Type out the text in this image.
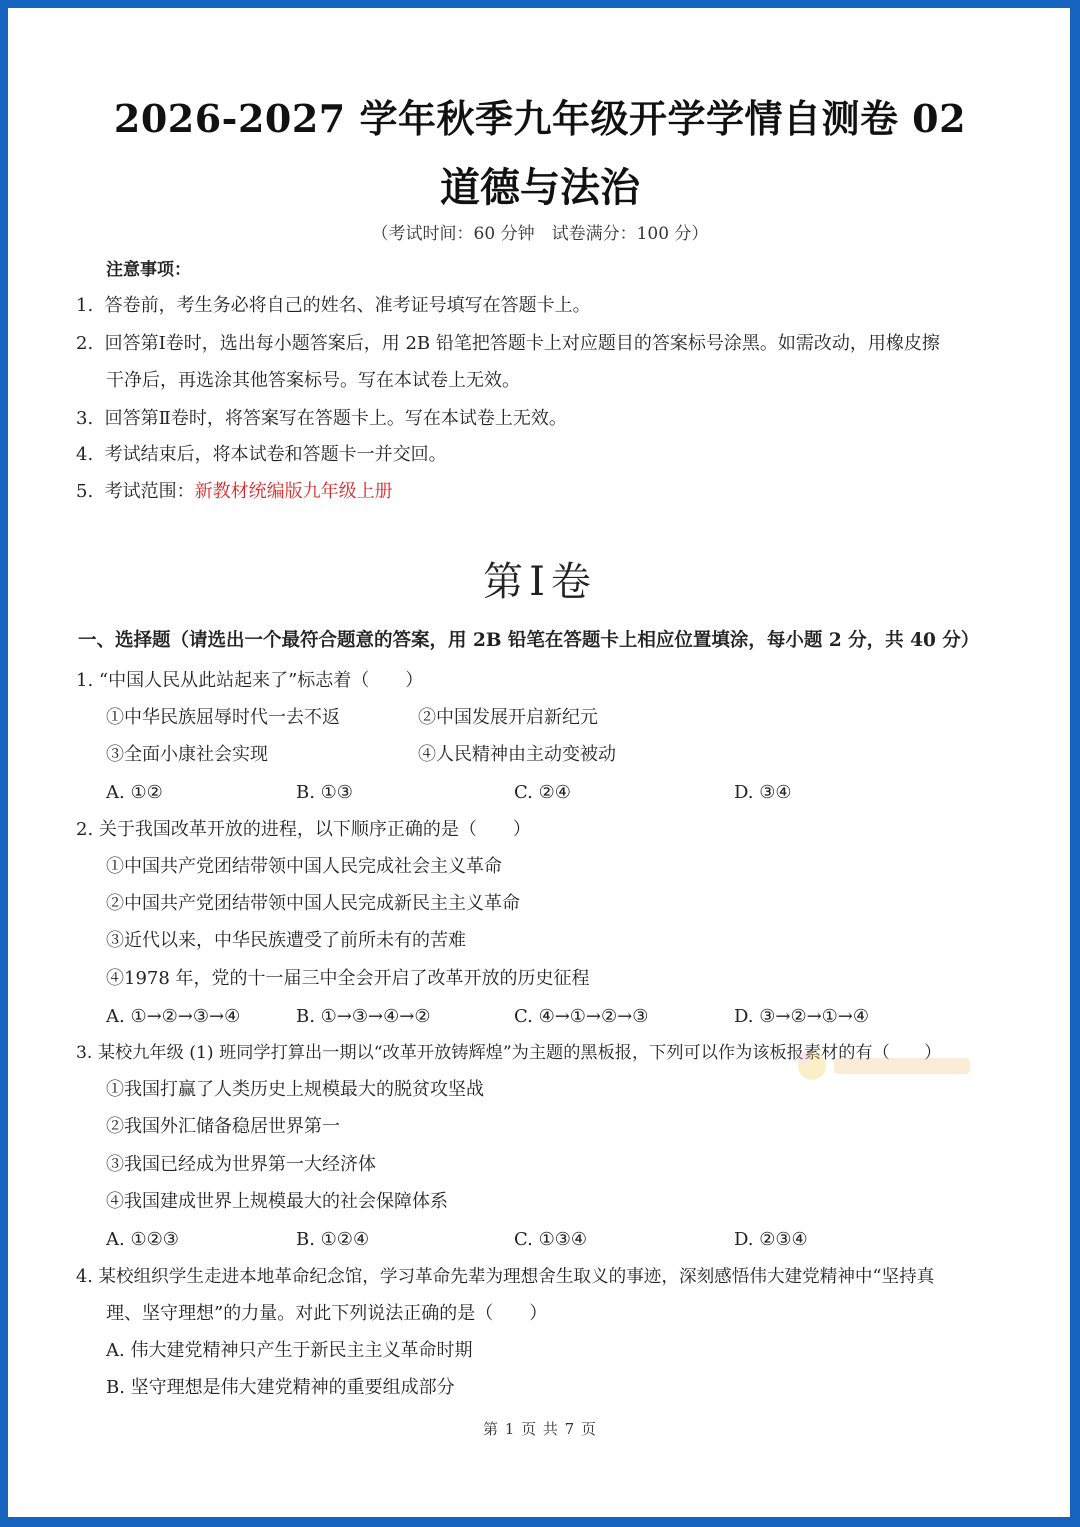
2026-2027 学年秋季九年级开学学情自测卷 02
道德与法治
（考试时间：60 分钟　试卷满分：100 分）
注意事项：
1. 答卷前，考生务必将自己的姓名、准考证号填写在答题卡上。
2. 回答第Ⅰ卷时，选出每小题答案后，用 2B 铅笔把答题卡上对应题目的答案标号涂黑。如需改动，用橡皮擦
干净后，再选涂其他答案标号。写在本试卷上无效。
3. 回答第Ⅱ卷时，将答案写在答题卡上。写在本试卷上无效。
4. 考试结束后，将本试卷和答题卡一并交回。
5. 考试范围：新教材统编版九年级上册
第Ⅰ卷
一、选择题（请选出一个最符合题意的答案，用 2B 铅笔在答题卡上相应位置填涂，每小题 2 分，共 40 分）
1. “中国人民从此站起来了”标志着（　　）
①中华民族屈辱时代一去不返	②中国发展开启新纪元
③全面小康社会实现	④人民精神由主动变被动
A. ①②	B. ①③	C. ②④	D. ③④
2. 关于我国改革开放的进程，以下顺序正确的是（　　）
①中国共产党团结带领中国人民完成社会主义革命
②中国共产党团结带领中国人民完成新民主主义革命
③近代以来，中华民族遭受了前所未有的苦难
④1978 年，党的十一届三中全会开启了改革开放的历史征程
A. ①→②→③→④	B. ①→③→④→②	C. ④→①→②→③	D. ③→②→①→④
3. 某校九年级 (1) 班同学打算出一期以“改革开放铸辉煌”为主题的黑板报，下列可以作为该板报素材的有（　　）
①我国打赢了人类历史上规模最大的脱贫攻坚战
②我国外汇储备稳居世界第一
③我国已经成为世界第一大经济体
④我国建成世界上规模最大的社会保障体系
A. ①②③	B. ①②④	C. ①③④	D. ②③④
4. 某校组织学生走进本地革命纪念馆，学习革命先辈为理想舍生取义的事迹，深刻感悟伟大建党精神中“坚持真
理、坚守理想”的力量。对此下列说法正确的是（　　）
A. 伟大建党精神只产生于新民主主义革命时期
B. 坚守理想是伟大建党精神的重要组成部分
第 1 页 共 7 页
